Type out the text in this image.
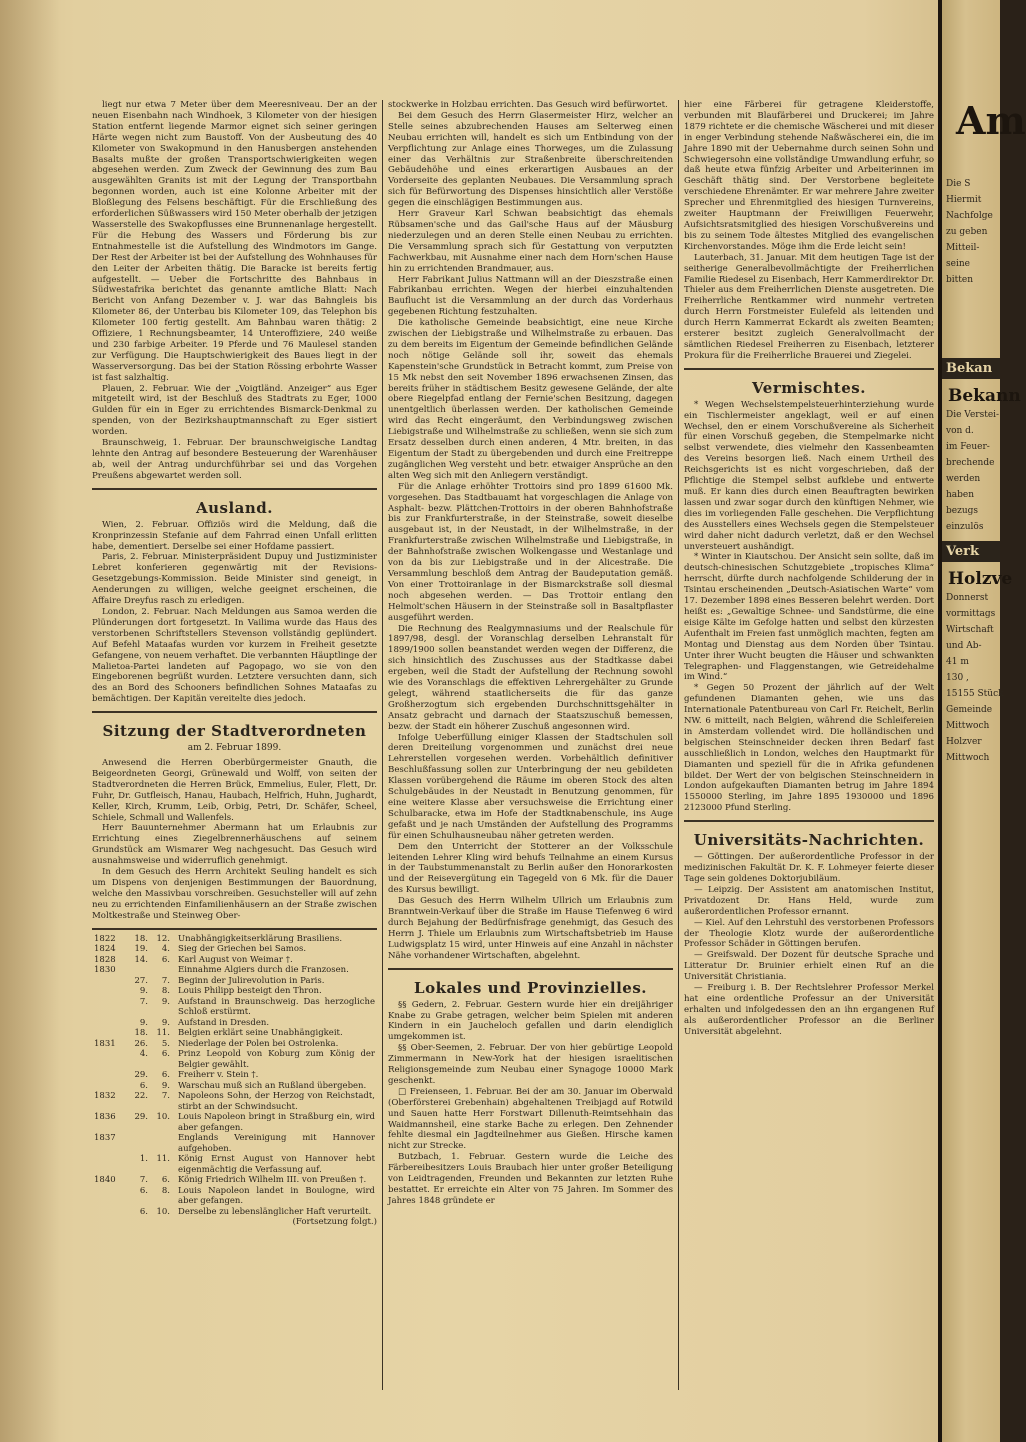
liegt nur etwa 7 Meter über dem Meeresniveau. Der an der neuen Eisenbahn nach Windhoek, 3 Kilometer von der hiesigen Station entfernt liegende Marmor eignet sich seiner geringen Härte wegen nicht zum Baustoff. Von der Ausbeutung des 40 Kilometer von Swakopmund in den Hanusbergen anstehenden Basalts mußte der großen Transportschwierigkeiten wegen abgesehen werden. Zum Zweck der Gewinnung des zum Bau ausgewählten Granits ist mit der Legung der Transportbahn begonnen worden, auch ist eine Kolonne Arbeiter mit der Bloßlegung des Felsens beschäftigt. Für die Erschließung des erforderlichen Süßwassers wird 150 Meter oberhalb der jetzigen Wasserstelle des Swakopflusses eine Brunnenanlage hergestellt. Für die Hebung des Wassers und Förderung bis zur Entnahmestelle ist die Aufstellung des Windmotors im Gange. Der Rest der Arbeiter ist bei der Aufstellung des Wohnhauses für den Leiter der Arbeiten thätig. Die Baracke ist bereits fertig aufgestellt. — Ueber die Fortschritte des Bahnbaus in Südwestafrika berichtet das genannte amtliche Blatt: Nach Bericht von Anfang Dezember v. J. war das Bahngleis bis Kilometer 86, der Unterbau bis Kilometer 109, das Telephon bis Kilometer 100 fertig gestellt. Am Bahnbau waren thätig: 2 Offiziere, 1 Rechnungsbeamter, 14 Unteroffiziere, 240 weiße und 230 farbige Arbeiter. 19 Pferde und 76 Maulesel standen zur Verfügung. Die Hauptschwierigkeit des Baues liegt in der Wasserversorgung. Das bei der Station Rössing erbohrte Wasser ist fast salzhaltig.

Plauen, 2. Februar. Wie der „Voigtländ. Anzeiger“ aus Eger mitgeteilt wird, ist der Beschluß des Stadtrats zu Eger, 1000 Gulden für ein in Eger zu errichtendes Bismarck-Denkmal zu spenden, von der Bezirkshauptmannschaft zu Eger sistiert worden.

Braunschweig, 1. Februar. Der braunschweigische Landtag lehnte den Antrag auf besondere Besteuerung der Warenhäuser ab, weil der Antrag undurchführbar sei und das Vorgehen Preußens abgewartet werden soll.

Ausland.

Wien, 2. Februar. Offiziös wird die Meldung, daß die Kronprinzessin Stefanie auf dem Fahrrad einen Unfall erlitten habe, dementiert. Derselbe sei einer Hofdame passiert.

Paris, 2. Februar. Ministerpräsident Dupuy und Justizminister Lebret konferieren gegenwärtig mit der Revisions-Gesetzgebungs-Kommission. Beide Minister sind geneigt, in Aenderungen zu willigen, welche geeignet erscheinen, die Affaire Dreyfus rasch zu erledigen.

London, 2. Februar. Nach Meldungen aus Samoa werden die Plünderungen dort fortgesetzt. In Vailima wurde das Haus des verstorbenen Schriftstellers Stevenson vollständig geplündert. Auf Befehl Mataafas wurden vor kurzem in Freiheit gesetzte Gefangene, von neuem verhaftet. Die verbannten Häuptlinge der Malietoa-Partei landeten auf Pagopago, wo sie von den Eingeborenen begrüßt wurden. Letztere versuchten dann, sich des an Bord des Schooners befindlichen Sohnes Mataafas zu bemächtigen. Der Kapitän vereitelte dies jedoch.

Sitzung der Stadtverordneten
am 2. Februar 1899.

Anwesend die Herren Oberbürgermeister Gnauth, die Beigeordneten Georgi, Grünewald und Wolff, von seiten der Stadtverordneten die Herren Brück, Emmelius, Euler, Flett, Dr. Fuhr, Dr. Gutfleisch, Hanau, Haubach, Helfrich, Huhn, Jughardt, Keller, Kirch, Krumm, Leib, Orbig, Petri, Dr. Schäfer, Scheel, Schiele, Schmall und Wallenfels.

Herr Bauunternehmer Abermann hat um Erlaubnis zur Errichtung eines Ziegelbrennerhäuschens auf seinem Grundstück am Wismarer Weg nachgesucht. Das Gesuch wird ausnahmsweise und widerruflich genehmigt.

In dem Gesuch des Herrn Architekt Seuling handelt es sich um Dispens von denjenigen Bestimmungen der Bauordnung, welche den Massivbau vorschreiben. Gesuchsteller will auf zehn neu zu errichtenden Einfamilienhäusern an der Straße zwischen Moltkestraße und Steinweg Ober-

1822	18.	12.	Unabhängigkeitserklärung Brasiliens.
1824	19.	4.	Sieg der Griechen bei Samos.
1828	14.	6.	Karl August von Weimar †.
1830			Einnahme Algiers durch die Franzosen.
	27.	7.	Beginn der Julirevolution in Paris.
	9.	8.	Louis Philipp besteigt den Thron.
	7.	9.	Aufstand in Braunschweig. Das herzogliche Schloß erstürmt.
	9.	9.	Aufstand in Dresden.
	18.	11.	Belgien erklärt seine Unabhängigkeit.
1831	26.	5.	Niederlage der Polen bei Ostrolenka.
	4.	6.	Prinz Leopold von Koburg zum König der Belgier gewählt.
	29.	6.	Freiherr v. Stein †.
	6.	9.	Warschau muß sich an Rußland übergeben.
1832	22.	7.	Napoleons Sohn, der Herzog von Reichstadt, stirbt an der Schwindsucht.
1836	29.	10.	Louis Napoleon bringt in Straßburg ein, wird aber gefangen.
1837			Englands Vereinigung mit Hannover aufgehoben.
	1.	11.	König Ernst August von Hannover hebt eigenmächtig die Verfassung auf.
1840	7.	6.	König Friedrich Wilhelm III. von Preußen †.
	6.	8.	Louis Napoleon landet in Boulogne, wird aber gefangen.
	6.	10.	Derselbe zu lebenslänglicher Haft verurteilt.
(Fortsetzung folgt.)

stockwerke in Holzbau errichten. Das Gesuch wird befürwortet.

Bei dem Gesuch des Herrn Glasermeister Hirz, welcher an Stelle seines abzubrechenden Hauses am Selterweg einen Neubau errichten will, handelt es sich um Entbindung von der Verpflichtung zur Anlage eines Thorweges, um die Zulassung einer das Verhältnis zur Straßenbreite überschreitenden Gebäudehöhe und eines erkerartigen Ausbaues an der Vorderseite des geplanten Neubaues. Die Versammlung sprach sich für Befürwortung des Dispenses hinsichtlich aller Verstöße gegen die einschlägigen Bestimmungen aus.

Herr Graveur Karl Schwan beabsichtigt das ehemals Rübsamen'sche und das Gail'sche Haus auf der Mäusburg niederzulegen und an deren Stelle einen Neubau zu errichten. Die Versammlung sprach sich für Gestattung von verputzten Fachwerkbau, mit Ausnahme einer nach dem Horn'schen Hause hin zu errichtenden Brandmauer, aus.

Herr Fabrikant Julius Nattmann will an der Dieszstraße einen Fabrikanbau errichten. Wegen der hierbei einzuhaltenden Bauflucht ist die Versammlung an der durch das Vorderhaus gegebenen Richtung festzuhalten.

Die katholische Gemeinde beabsichtigt, eine neue Kirche zwischen der Liebigstraße und Wilhelmstraße zu erbauen. Das zu dem bereits im Eigentum der Gemeinde befindlichen Gelände noch nötige Gelände soll ihr, soweit das ehemals Kapenstein'sche Grundstück in Betracht kommt, zum Preise von 15 Mk nebst den seit November 1896 erwachsenen Zinsen, das bereits früher in städtischem Besitz gewesene Gelände, der alte obere Riegelpfad entlang der Fernie'schen Besitzung, dagegen unentgeltlich überlassen werden. Der katholischen Gemeinde wird das Recht eingeräumt, den Verbindungsweg zwischen Liebigstraße und Wilhelmstraße zu schließen, wenn sie sich zum Ersatz desselben durch einen anderen, 4 Mtr. breiten, in das Eigentum der Stadt zu übergebenden und durch eine Freitreppe zugänglichen Weg versteht und betr. etwaiger Ansprüche an den alten Weg sich mit den Anliegern verständigt.

Für die Anlage erhöhter Trottoirs sind pro 1899 61600 Mk. vorgesehen. Das Stadtbauamt hat vorgeschlagen die Anlage von Asphalt- bezw. Plättchen-Trottoirs in der oberen Bahnhofstraße bis zur Frankfurterstraße, in der Steinstraße, soweit dieselbe ausgebaut ist, in der Neustadt, in der Wilhelmstraße, in der Frankfurterstraße zwischen Wilhelmstraße und Liebigstraße, in der Bahnhofstraße zwischen Wolkengasse und Westanlage und von da bis zur Liebigstraße und in der Alicestraße. Die Versammlung beschloß dem Antrag der Baudeputation gemäß. Von einer Trottoiranlage in der Bismarckstraße soll diesmal noch abgesehen werden. — Das Trottoir entlang den Helmolt'schen Häusern in der Steinstraße soll in Basaltpflaster ausgeführt werden.

Die Rechnung des Realgymnasiums und der Realschule für 1897/98, desgl. der Voranschlag derselben Lehranstalt für 1899/1900 sollen beanstandet werden wegen der Differenz, die sich hinsichtlich des Zuschusses aus der Stadtkasse dabei ergeben, weil die Stadt der Aufstellung der Rechnung sowohl wie des Voranschlags die effektiven Lehrergehälter zu Grunde gelegt, während staatlicherseits die für das ganze Großherzogtum sich ergebenden Durchschnittsgehälter in Ansatz gebracht und darnach der Staatszuschuß bemessen, bezw. der Stadt ein höherer Zuschuß angesonnen wird.

Infolge Ueberfüllung einiger Klassen der Stadtschulen soll deren Dreiteilung vorgenommen und zunächst drei neue Lehrerstellen vorgesehen werden. Vorbehältlich definitiver Beschlußfassung sollen zur Unterbringung der neu gebildeten Klassen vorübergehend die Räume im oberen Stock des alten Schulgebäudes in der Neustadt in Benutzung genommen, für eine weitere Klasse aber versuchsweise die Errichtung einer Schulbaracke, etwa im Hofe der Stadtknabenschule, ins Auge gefaßt und je nach Umständen der Aufstellung des Programms für einen Schulhausneubau näher getreten werden.

Dem den Unterricht der Stotterer an der Volksschule leitenden Lehrer Kling wird behufs Teilnahme an einem Kursus in der Taubstummenanstalt zu Berlin außer den Honorarkosten und der Reisevergütung ein Tagegeld von 6 Mk. für die Dauer des Kursus bewilligt.

Das Gesuch des Herrn Wilhelm Ullrich um Erlaubnis zum Branntwein-Verkauf über die Straße im Hause Tiefenweg 6 wird durch Bejahung der Bedürfnisfrage genehmigt, das Gesuch des Herrn J. Thiele um Erlaubnis zum Wirtschaftsbetrieb im Hause Ludwigsplatz 15 wird, unter Hinweis auf eine Anzahl in nächster Nähe vorhandener Wirtschaften, abgelehnt.

Lokales und Provinzielles.

§§ Gedern, 2. Februar. Gestern wurde hier ein dreijähriger Knabe zu Grabe getragen, welcher beim Spielen mit anderen Kindern in ein Jaucheloch gefallen und darin elendiglich umgekommen ist.

§§ Ober-Seemen, 2. Februar. Der von hier gebürtige Leopold Zimmermann in New-York hat der hiesigen israelitischen Religionsgemeinde zum Neubau einer Synagoge 10000 Mark geschenkt.

□ Freienseen, 1. Februar. Bei der am 30. Januar im Oberwald (Oberförsterei Grebenhain) abgehaltenen Treibjagd auf Rotwild und Sauen hatte Herr Forstwart Dillenuth-Reimtsehhain das Waidmannsheil, eine starke Bache zu erlegen. Den Zehnender fehlte diesmal ein Jagdteilnehmer aus Gießen. Hirsche kamen nicht zur Strecke.

Butzbach, 1. Februar. Gestern wurde die Leiche des Färbereibesitzers Louis Braubach hier unter großer Beteiligung von Leidtragenden, Freunden und Bekannten zur letzten Ruhe bestattet. Er erreichte ein Alter von 75 Jahren. Im Sommer des Jahres 1848 gründete er

hier eine Färberei für getragene Kleiderstoffe, verbunden mit Blaufärberei und Druckerei; im Jahre 1879 richtete er die chemische Wäscherei und mit dieser in enger Verbindung stehende Naßwäscherei ein, die im Jahre 1890 mit der Uebernahme durch seinen Sohn und Schwiegersohn eine vollständige Umwandlung erfuhr, so daß heute etwa fünfzig Arbeiter und Arbeiterinnen im Geschäft thätig sind. Der Verstorbene begleitete verschiedene Ehrenämter. Er war mehrere Jahre zweiter Sprecher und Ehrenmitglied des hiesigen Turnvereins, zweiter Hauptmann der Freiwilligen Feuerwehr, Aufsichtsratsmitglied des hiesigen Vorschußvereins und bis zu seinem Tode ältestes Mitglied des evangelischen Kirchenvorstandes. Möge ihm die Erde leicht sein!

Lauterbach, 31. Januar. Mit dem heutigen Tage ist der seitherige Generalbevollmächtigte der Freiherrlichen Familie Riedesel zu Eisenbach, Herr Kammerdirektor Dr. Thieler aus dem Freiherrlichen Dienste ausgetreten. Die Freiherrliche Rentkammer wird nunmehr vertreten durch Herrn Forstmeister Eulefeld als leitenden und durch Herrn Kammerrat Eckardt als zweiten Beamten; ersterer besitzt zugleich Generalvollmacht der sämtlichen Riedesel Freiherren zu Eisenbach, letzterer Prokura für die Freiherrliche Brauerei und Ziegelei.

Vermischtes.

* Wegen Wechselstempelsteuerhinterziehung wurde ein Tischlermeister angeklagt, weil er auf einen Wechsel, den er einem Vorschußvereine als Sicherheit für einen Vorschuß gegeben, die Stempelmarke nicht selbst verwendete, dies vielmehr den Kassenbeamten des Vereins besorgen ließ. Nach einem Urtheil des Reichsgerichts ist es nicht vorgeschrieben, daß der Pflichtige die Stempel selbst aufklebe und entwerte muß. Er kann dies durch einen Beauftragten bewirken lassen und zwar sogar durch den künftigen Nehmer, wie dies im vorliegenden Falle geschehen. Die Verpflichtung des Ausstellers eines Wechsels gegen die Stempelsteuer wird daher nicht dadurch verletzt, daß er den Wechsel unversteuert aushändigt.

* Winter in Kiautschou. Der Ansicht sein sollte, daß im deutsch-chinesischen Schutzgebiete „tropisches Klima“ herrscht, dürfte durch nachfolgende Schilderung der in Tsintau erscheinenden „Deutsch-Asiatischen Warte“ vom 17. Dezember 1898 eines Besseren belehrt werden. Dort heißt es: „Gewaltige Schnee- und Sandstürme, die eine eisige Kälte im Gefolge hatten und selbst den kürzesten Aufenthalt im Freien fast unmöglich machten, fegten am Montag und Dienstag aus dem Norden über Tsintau. Unter ihrer Wucht beugten die Häuser und schwankten Telegraphen- und Flaggenstangen, wie Getreidehalme im Wind.“

* Gegen 50 Prozent der jährlich auf der Welt gefundenen Diamanten gehen, wie uns das Internationale Patentbureau von Carl Fr. Reichelt, Berlin NW. 6 mitteilt, nach Belgien, während die Schleifereien in Amsterdam vollendet wird. Die holländischen und belgischen Steinschneider decken ihren Bedarf fast ausschließlich in London, welches den Hauptmarkt für Diamanten und speziell für die in Afrika gefundenen bildet. Der Wert der von belgischen Steinschneidern in London aufgekauften Diamanten betrug im Jahre 1894 1550000 Sterling, im Jahre 1895 1930000 und 1896 2123000 Pfund Sterling.

Universitäts-Nachrichten.

— Göttingen. Der außerordentliche Professor in der medizinischen Fakultät Dr. K. F. Lohmeyer feierte dieser Tage sein goldenes Doktorjubiläum.

— Leipzig. Der Assistent am anatomischen Institut, Privatdozent Dr. Hans Held, wurde zum außerordentlichen Professor ernannt.

— Kiel. Auf den Lehrstuhl des verstorbenen Professors der Theologie Klotz wurde der außerordentliche Professor Schäder in Göttingen berufen.

— Greifswald. Der Dozent für deutsche Sprache und Litteratur Dr. Bruinier erhielt einen Ruf an die Universität Christiania.

— Freiburg i. B. Der Rechtslehrer Professor Merkel hat eine ordentliche Professur an der Universität erhalten und infolgedessen den an ihn ergangenen Ruf als außerordentlicher Professor an die Berliner Universität abgelehnt.

Am
Die S
Hiermit
Nachfolge
zu geben
Mitteil-
seine
bitten
Bekan
Bekann
Die Verstei-
von d.
im Feuer-
brechende
werden
haben
bezugs
einzulös
Verk
Holzve
Donnerst
vormittags
Wirtschaft
und Ab-
41 m
130 ,
15155 Stück
Gemeinde
Mittwoch
Holzver
Mittwoch
